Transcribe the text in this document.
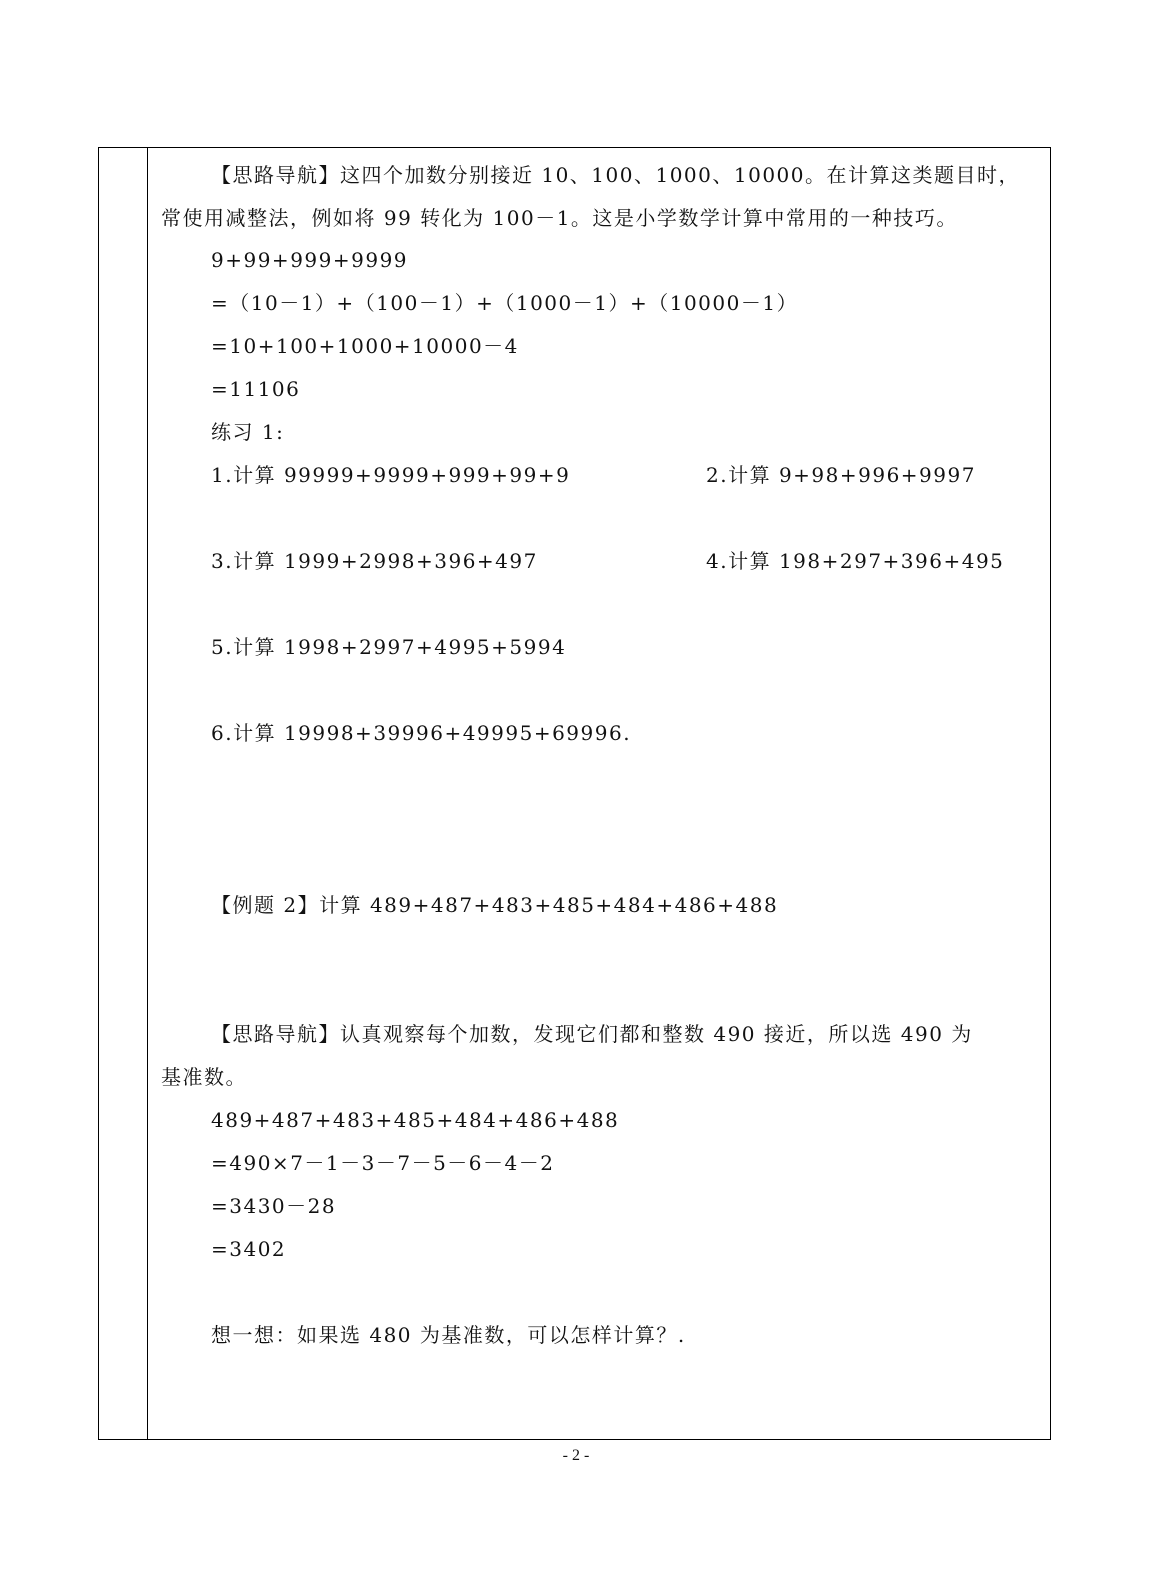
【思路导航】这四个加数分别接近 10、100、1000、10000。在计算这类题目时，
常使用减整法，例如将 99 转化为 100－1。这是小学数学计算中常用的一种技巧。
9+99+999+9999
=（10－1）+（100－1）+（1000－1）+（10000－1）
=10+100+1000+10000－4
=11106
练习 1:
1.计算 99999+9999+999+99+9	2.计算 9+98+996+9997
3.计算 1999+2998+396+497	4.计算 198+297+396+495
5.计算 1998+2997+4995+5994
6.计算 19998+39996+49995+69996.
【例题 2】计算 489+487+483+485+484+486+488
【思路导航】认真观察每个加数，发现它们都和整数 490 接近，所以选 490 为
基准数。
489+487+483+485+484+486+488
=490×7－1－3－7－5－6－4－2
=3430－28
=3402
想一想：如果选 480 为基准数，可以怎样计算？.
- 2 -
